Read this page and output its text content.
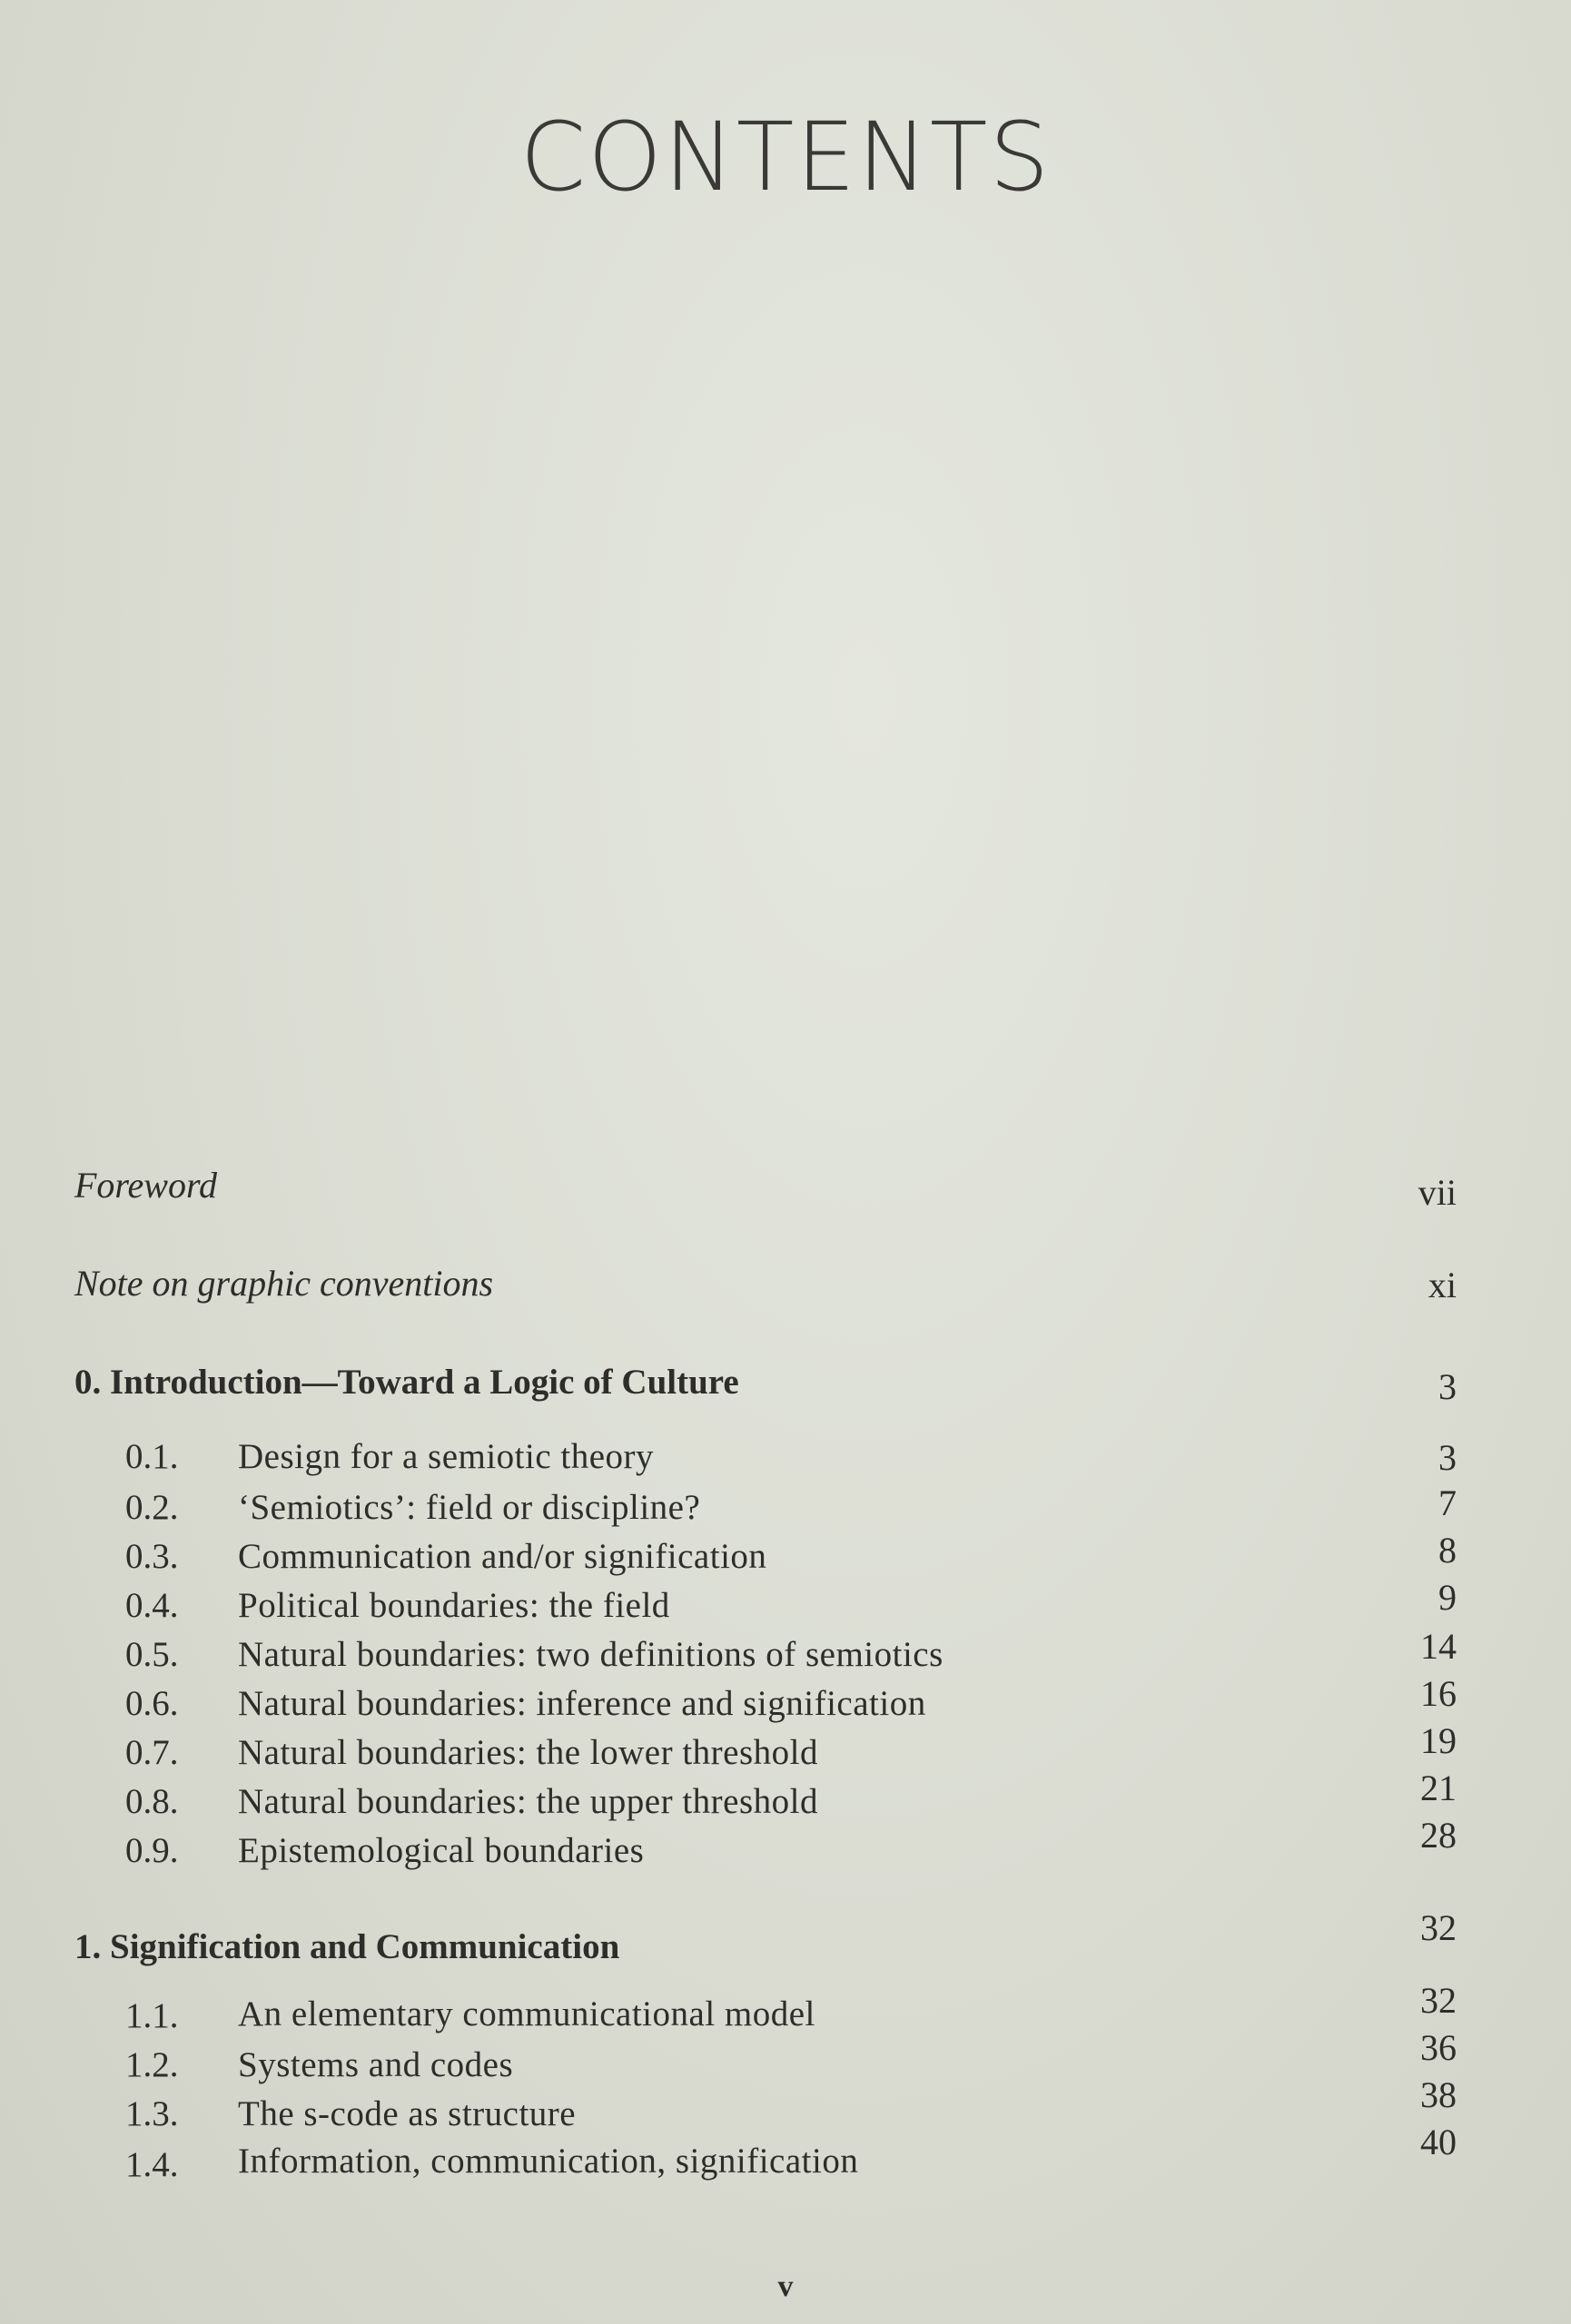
CONTENTS
Foreword	vii
Note on graphic conventions	xi
0. Introduction—Toward a Logic of Culture	3
0.1. Design for a semiotic theory	3
0.2. ‘Semiotics’: field or discipline?	7
0.3. Communication and/or signification	8
0.4. Political boundaries: the field	9
0.5. Natural boundaries: two definitions of semiotics	14
0.6. Natural boundaries: inference and signification	16
0.7. Natural boundaries: the lower threshold	19
0.8. Natural boundaries: the upper threshold	21
0.9. Epistemological boundaries	28
1. Signification and Communication	32
1.1. An elementary communicational model	32
1.2. Systems and codes	36
1.3. The s-code as structure	38
1.4. Information, communication, signification	40
v
